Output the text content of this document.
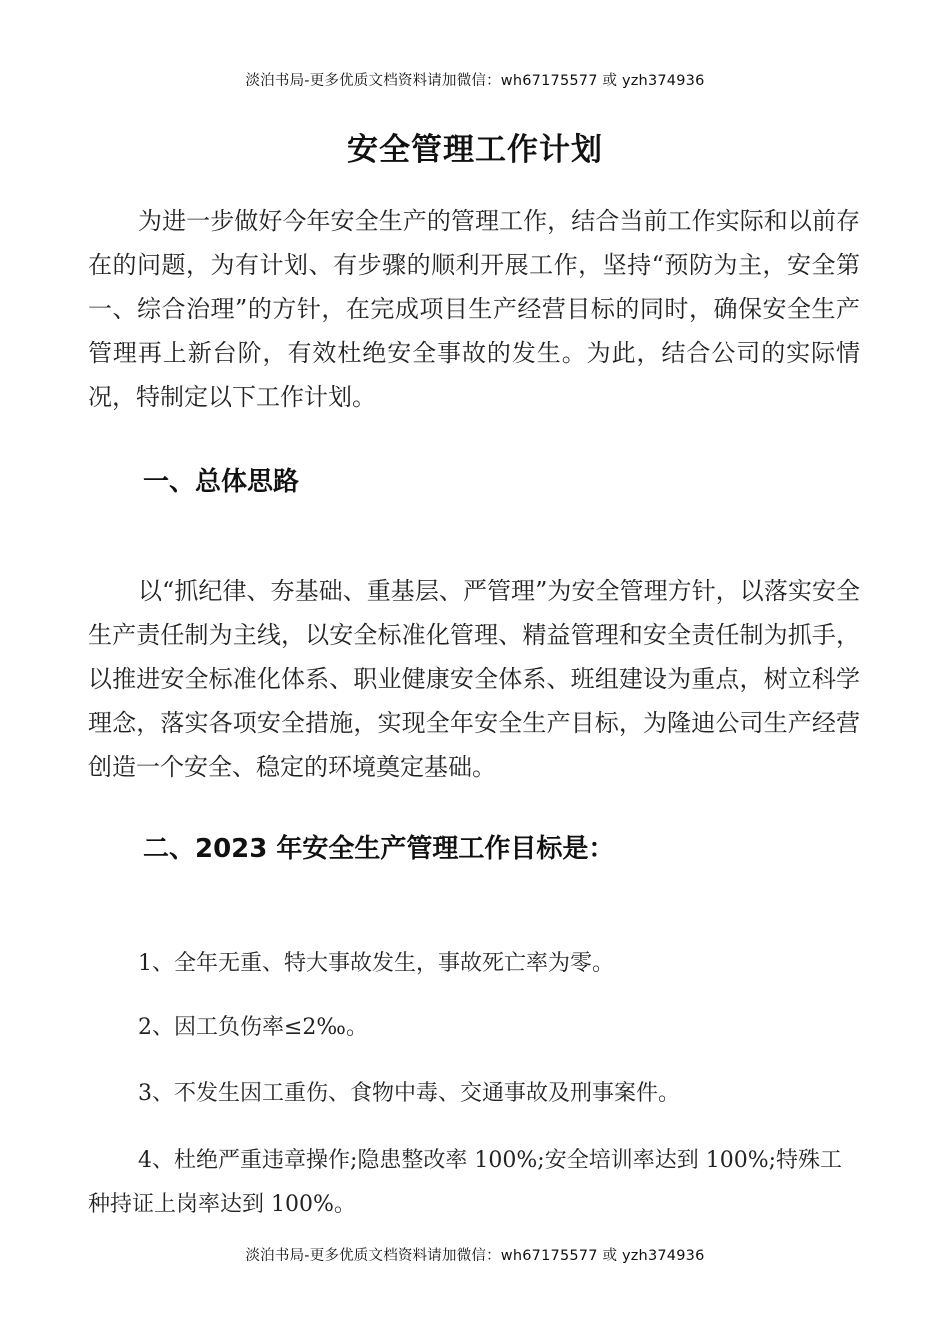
淡泊书局-更多优质文档资料请加微信：wh67175577 或 yzh374936
安全管理工作计划

为进一步做好今年安全生产的管理工作，结合当前工作实际和以前存在的问题，为有计划、有步骤的顺利开展工作，坚持“预防为主，安全第一、综合治理”的方针，在完成项目生产经营目标的同时，确保安全生产管理再上新台阶，有效杜绝安全事故的发生。为此，结合公司的实际情况，特制定以下工作计划。

一、总体思路

以“抓纪律、夯基础、重基层、严管理”为安全管理方针，以落实安全生产责任制为主线，以安全标准化管理、精益管理和安全责任制为抓手，以推进安全标准化体系、职业健康安全体系、班组建设为重点，树立科学理念，落实各项安全措施，实现全年安全生产目标，为隆迪公司生产经营创造一个安全、稳定的环境奠定基础。

二、2023 年安全生产管理工作目标是：

1、全年无重、特大事故发生，事故死亡率为零。

2、因工负伤率≤2‰。

3、不发生因工重伤、食物中毒、交通事故及刑事案件。

4、杜绝严重违章操作;隐患整改率 100%;安全培训率达到 100%;特殊工种持证上岗率达到 100%。

淡泊书局-更多优质文档资料请加微信：wh67175577 或 yzh374936
